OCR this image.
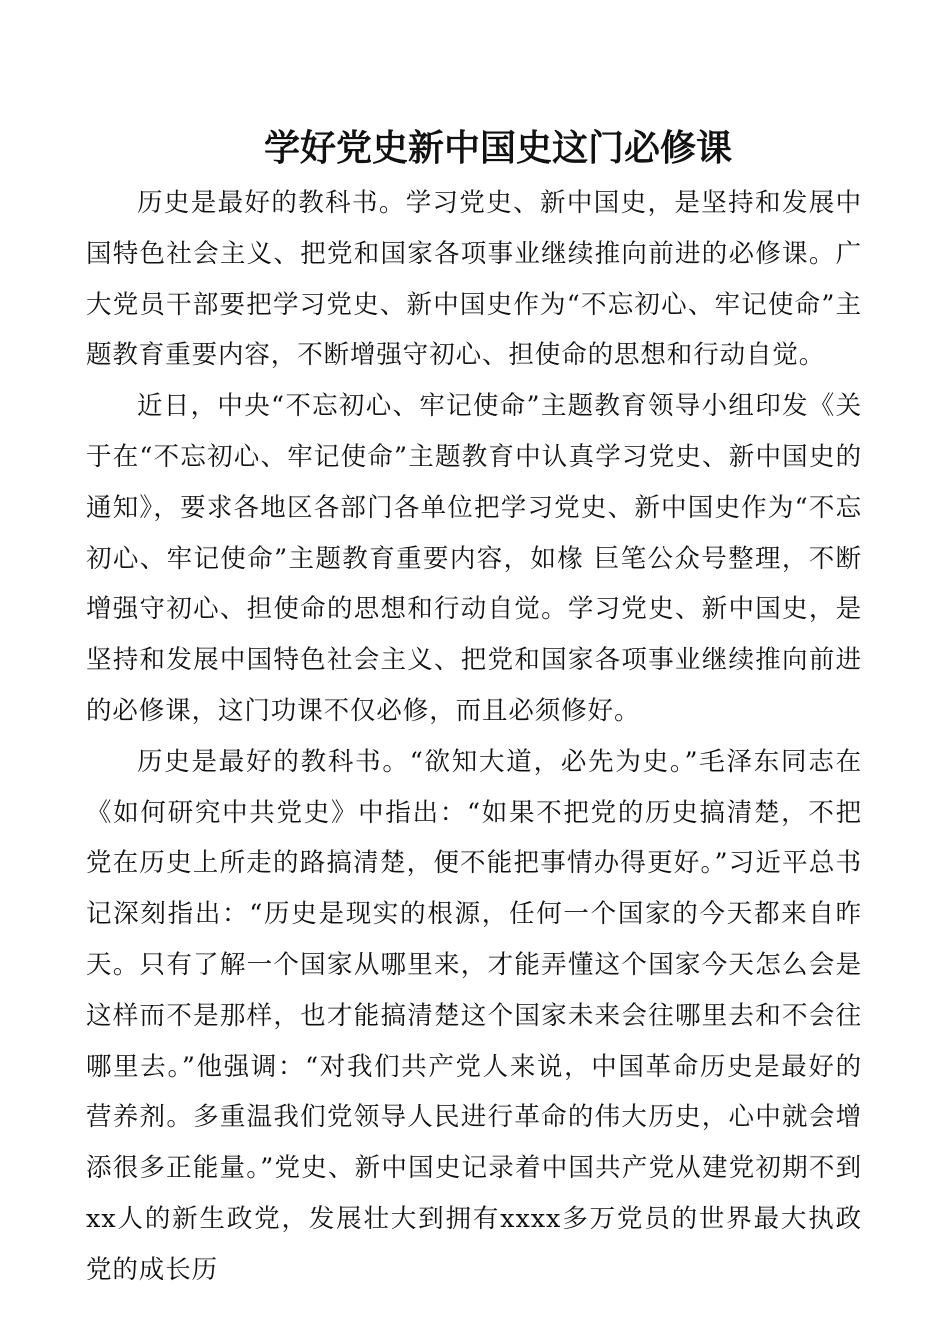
学好党史新中国史这门必修课

历史是最好的教科书。学习党史、新中国史，是坚持和发展中国特色社会主义、把党和国家各项事业继续推向前进的必修课。广大党员干部要把学习党史、新中国史作为“不忘初心、牢记使命”主题教育重要内容，不断增强守初心、担使命的思想和行动自觉。

近日，中央“不忘初心、牢记使命”主题教育领导小组印发《关于在“不忘初心、牢记使命”主题教育中认真学习党史、新中国史的通知》，要求各地区各部门各单位把学习党史、新中国史作为“不忘初心、牢记使命”主题教育重要内容，如椽 巨笔公众号整理，不断增强守初心、担使命的思想和行动自觉。学习党史、新中国史，是坚持和发展中国特色社会主义、把党和国家各项事业继续推向前进的必修课，这门功课不仅必修，而且必须修好。

历史是最好的教科书。“欲知大道，必先为史。”毛泽东同志在《如何研究中共党史》中指出：“如果不把党的历史搞清楚，不把党在历史上所走的路搞清楚，便不能把事情办得更好。”习近平总书记深刻指出：“历史是现实的根源，任何一个国家的今天都来自昨天。只有了解一个国家从哪里来，才能弄懂这个国家今天怎么会是这样而不是那样，也才能搞清楚这个国家未来会往哪里去和不会往哪里去。”他强调：“对我们共产党人来说，中国革命历史是最好的营养剂。多重温我们党领导人民进行革命的伟大历史，心中就会增添很多正能量。”党史、新中国史记录着中国共产党从建党初期不到xx人的新生政党，发展壮大到拥有xxxx多万党员的世界最大执政党的成长历
